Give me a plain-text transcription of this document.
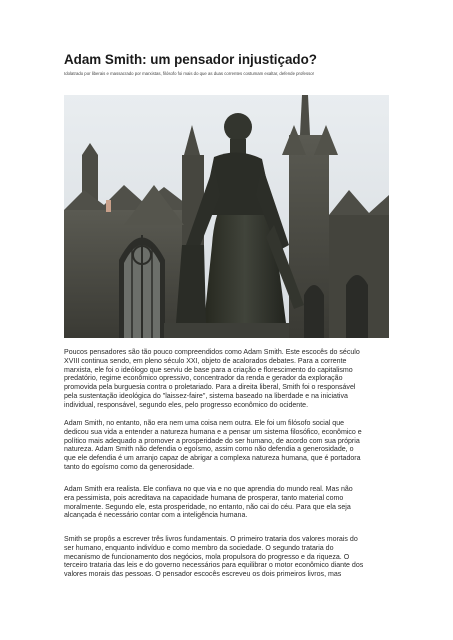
Adam Smith: um pensador injustiçado?
Idolatrado por liberais e massacrado por marxistas, filósofo foi mais do que as duas correntes costumam exaltar, defende professor

Poucos pensadores são tão pouco compreendidos como Adam Smith. Este escocês do século
XVIII continua sendo, em pleno século XXI, objeto de acalorados debates. Para a corrente
marxista, ele foi o ideólogo que serviu de base para a criação e florescimento do capitalismo
predatório, regime econômico opressivo, concentrador da renda e gerador da exploração
promovida pela burguesia contra o proletariado. Para a direita liberal, Smith foi o responsável
pela sustentação ideológica do "laissez-faire", sistema baseado na liberdade e na iniciativa
individual, responsável, segundo eles, pelo progresso econômico do ocidente.

Adam Smith, no entanto, não era nem uma coisa nem outra. Ele foi um filósofo social que
dedicou sua vida a entender a natureza humana e a pensar um sistema filosófico, econômico e
político mais adequado a promover a prosperidade do ser humano, de acordo com sua própria
natureza. Adam Smith não defendia o egoísmo, assim como não defendia a generosidade, o
que ele defendia é um arranjo capaz de abrigar a complexa natureza humana, que é portadora
tanto do egoísmo como da generosidade.

Adam Smith era realista. Ele confiava no que via e no que aprendia do mundo real. Mas não
era pessimista, pois acreditava na capacidade humana de prosperar, tanto material como
moralmente. Segundo ele, esta prosperidade, no entanto, não cai do céu. Para que ela seja
alcançada é necessário contar com a inteligência humana.

Smith se propôs a escrever três livros fundamentais. O primeiro trataria dos valores morais do
ser humano, enquanto indivíduo e como membro da sociedade. O segundo trataria do
mecanismo de funcionamento dos negócios, mola propulsora do progresso e da riqueza. O
terceiro trataria das leis e do governo necessários para equilibrar o motor econômico diante dos
valores morais das pessoas. O pensador escocês escreveu os dois primeiros livros, mas
